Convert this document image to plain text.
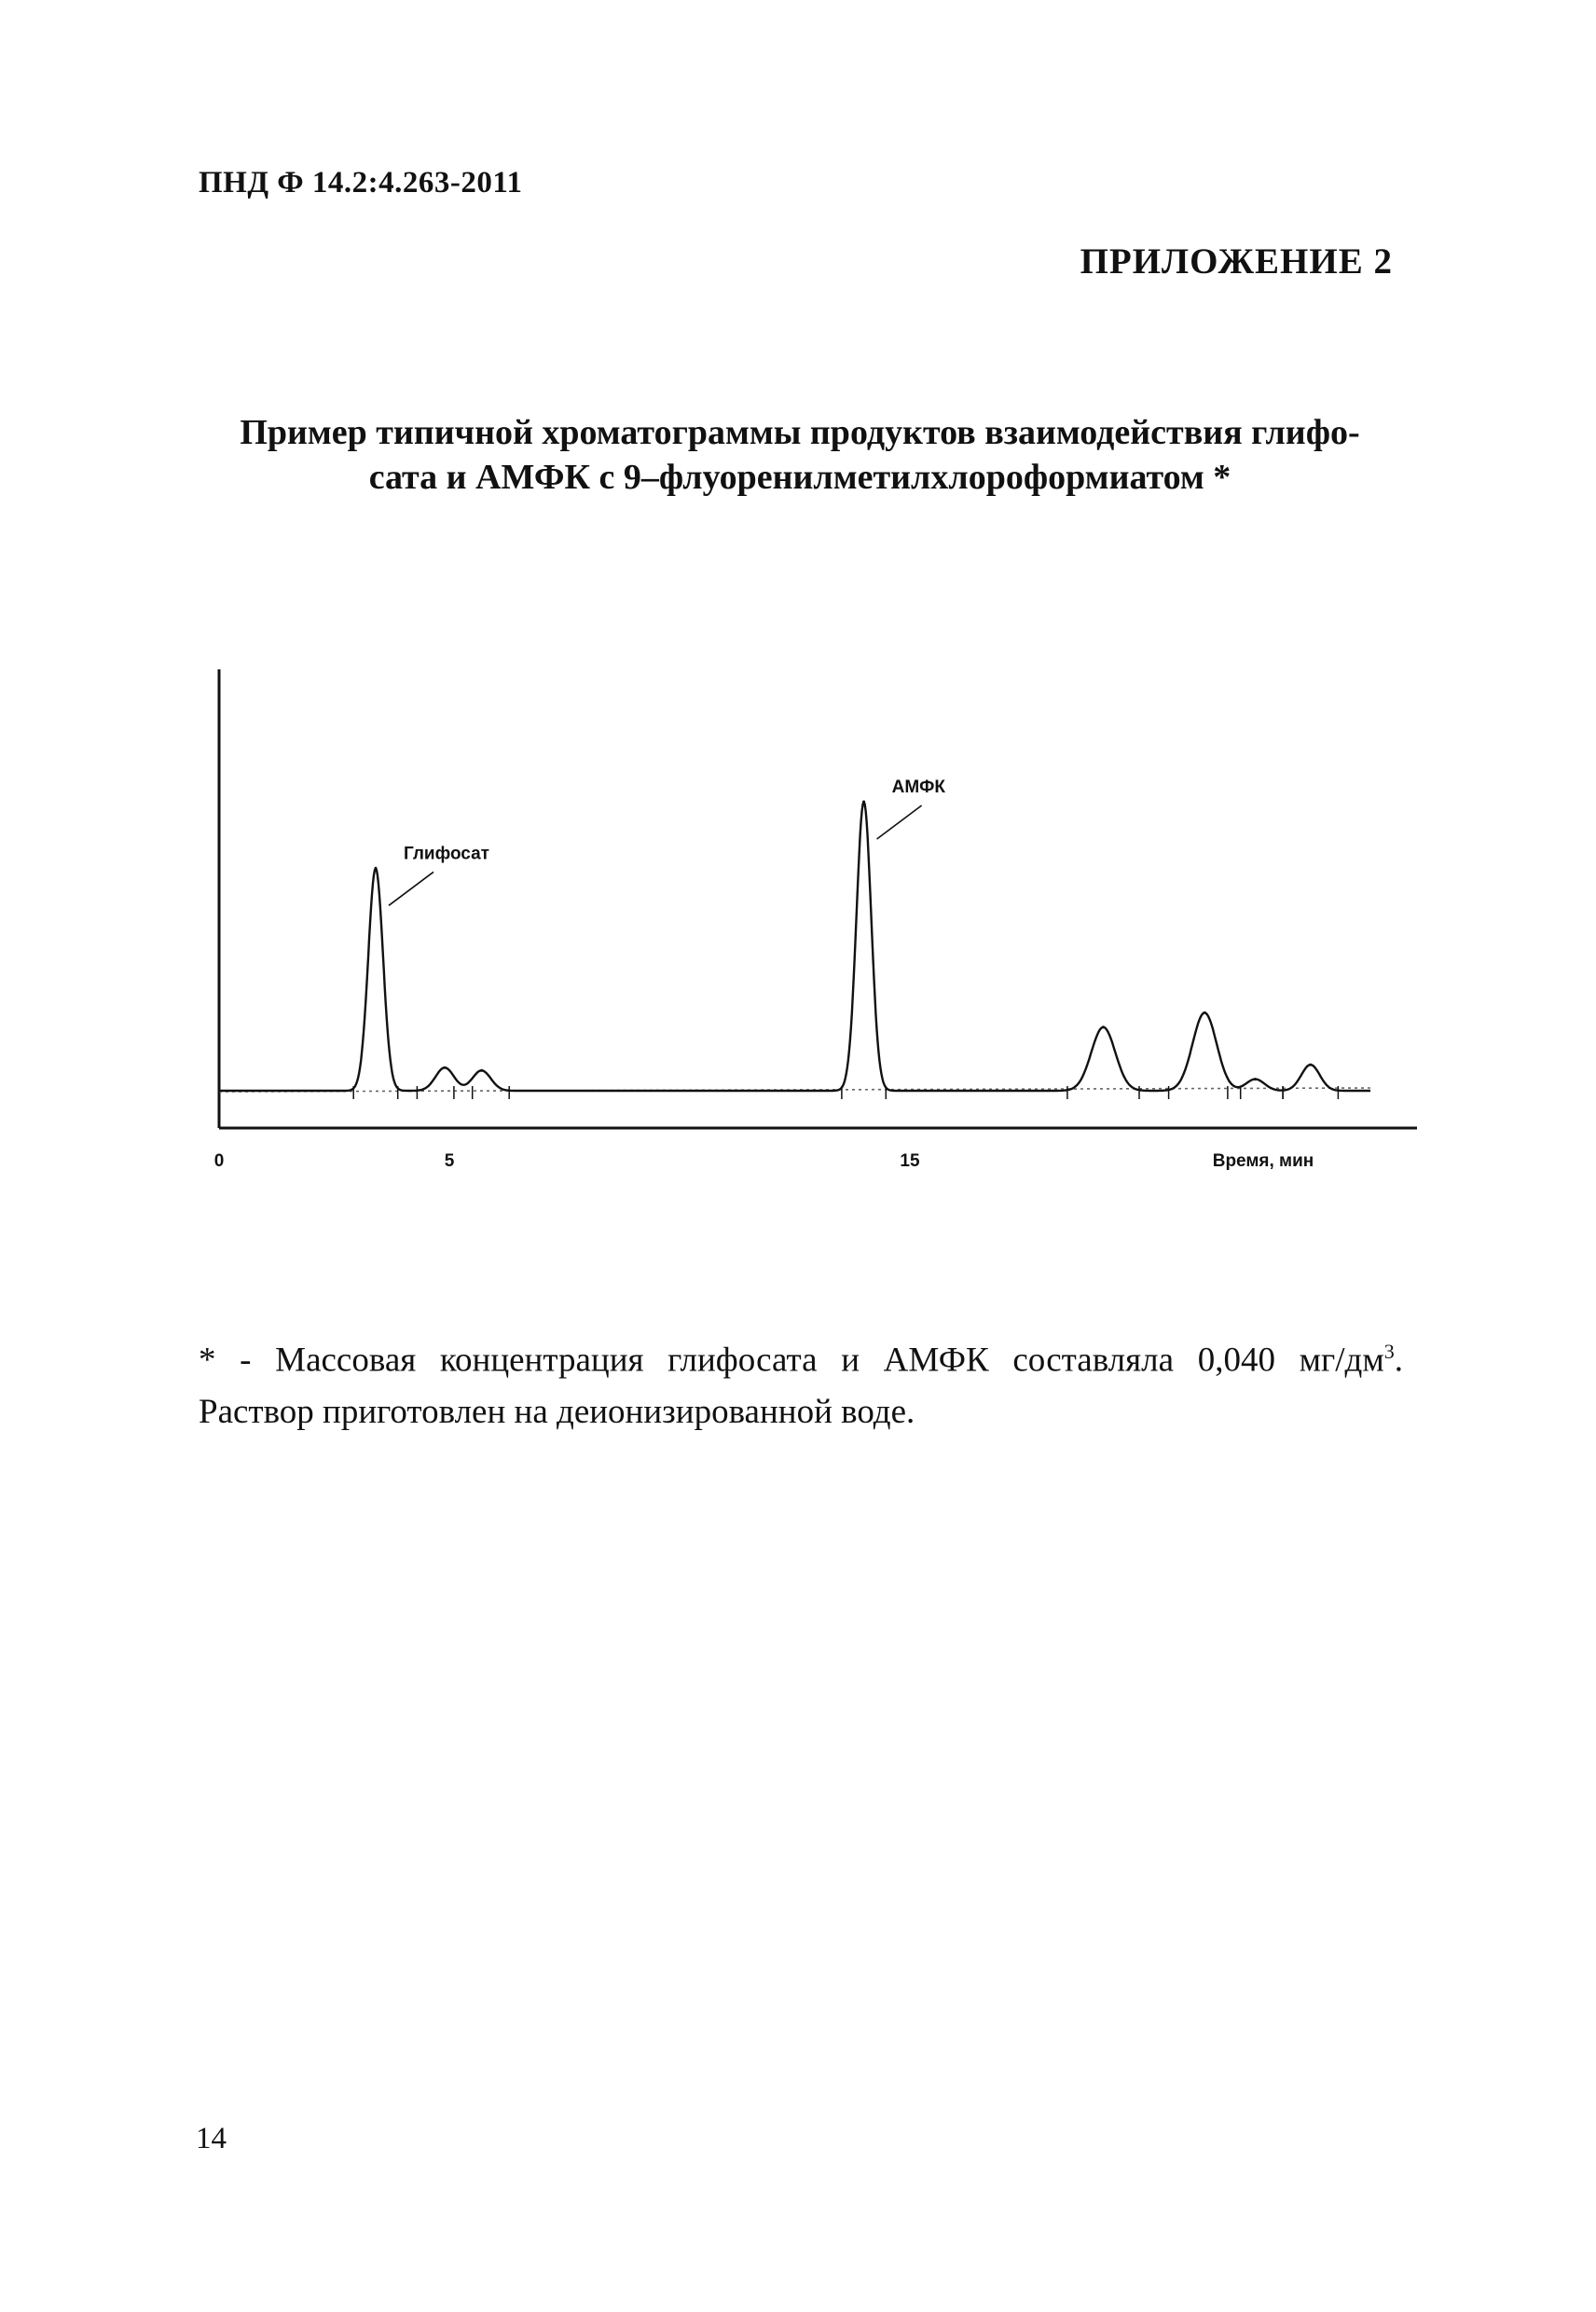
ПНД Ф 14.2:4.263-2011
ПРИЛОЖЕНИЕ 2
Пример типичной хроматограммы продуктов взаимодействия глифо-
сата и АМФК с 9–флуоренилметилхлороформиатом *
Глифосат
АМФК
0	5	15	Время, мин
* - Массовая концентрация глифосата и АМФК составляла 0,040 $мг/дм^3$.
Раствор приготовлен на деионизированной воде.
14
